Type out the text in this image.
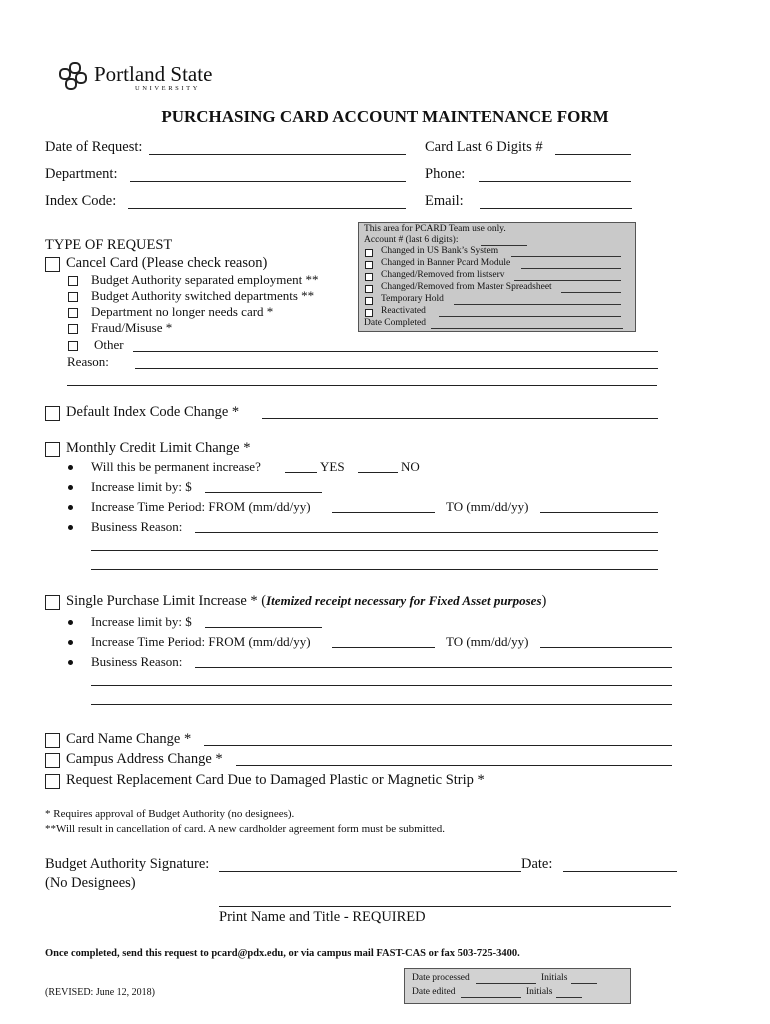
Portland State
UNIVERSITY
PURCHASING CARD ACCOUNT MAINTENANCE FORM
Date of Request:	Card Last 6 Digits #
Department:	Phone:
Index Code:	Email:
This area for PCARD Team use only.
Account # (last 6 digits):
Changed in US Bank’s System
Changed in Banner Pcard Module
Changed/Removed from listserv
Changed/Removed from Master Spreadsheet
Temporary Hold
Reactivated
Date Completed
TYPE OF REQUEST
Cancel Card (Please check reason)
Budget Authority separated employment **
Budget Authority switched departments **
Department no longer needs card *
Fraud/Misuse *
Other
Reason:
Default Index Code Change *
Monthly Credit Limit Change *
Will this be permanent increase?	YES	NO
Increase limit by: $
Increase Time Period: FROM (mm/dd/yy)	TO (mm/dd/yy)
Business Reason:
Single Purchase Limit Increase * (Itemized receipt necessary for Fixed Asset purposes)
Increase limit by: $
Increase Time Period: FROM (mm/dd/yy)	TO (mm/dd/yy)
Business Reason:
Card Name Change *
Campus Address Change *
Request Replacement Card Due to Damaged Plastic or Magnetic Strip *
* Requires approval of Budget Authority (no designees).
**Will result in cancellation of card. A new cardholder agreement form must be submitted.
Budget Authority Signature:	Date:
(No Designees)
Print Name and Title - REQUIRED
Once completed, send this request to pcard@pdx.edu, or via campus mail FAST-CAS or fax 503-725-3400.
(REVISED: June 12, 2018)
Date processed	Initials
Date edited	Initials
